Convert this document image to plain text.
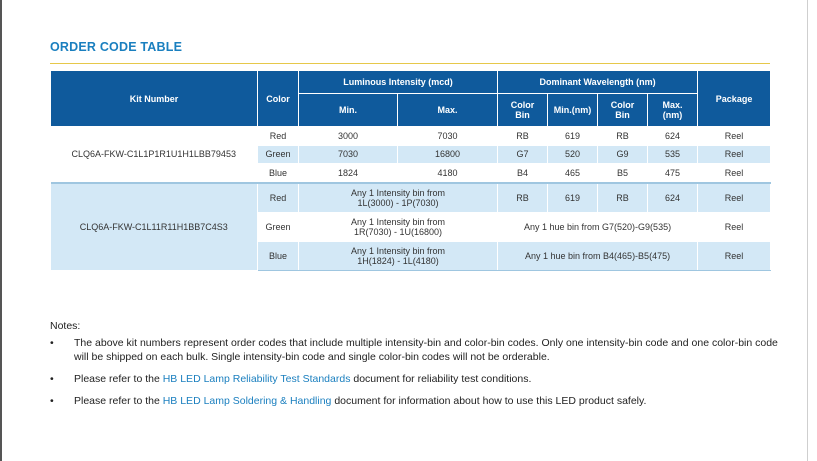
ORDER CODE TABLE
Kit Number	Color	Luminous Intensity (mcd)		Dominant Wavelength (nm)				Package
		Min.	Max.	Color Bin	Min.(nm)	Color Bin	Max. (nm)	
CLQ6A-FKW-C1L1P1R1U1H1LBB79453	Red	3000	7030	RB	619	RB	624	Reel
	Green	7030	16800	G7	520	G9	535	Reel
	Blue	1824	4180	B4	465	B5	475	Reel
CLQ6A-FKW-C1L11R11H1BB7C4S3	Red	Any 1 Intensity bin from
1L(3000) - 1P(7030)		RB	619	RB	624	Reel
	Green	Any 1 Intensity bin from
1R(7030) - 1U(16800)		Any 1 hue bin from G7(520)-G9(535)				Reel
	Blue	Any 1 Intensity bin from
1H(1824) - 1L(4180)		Any 1 hue bin from B4(465)-B5(475)				Reel
Notes:
• The above kit numbers represent order codes that include multiple intensity-bin and color-bin codes. Only one intensity-bin code and one color-bin code will be shipped on each bulk. Single intensity-bin code and single color-bin codes will not be orderable.
• Please refer to the HB LED Lamp Reliability Test Standards document for reliability test conditions.
• Please refer to the HB LED Lamp Soldering & Handling document for information about how to use this LED product safely.
